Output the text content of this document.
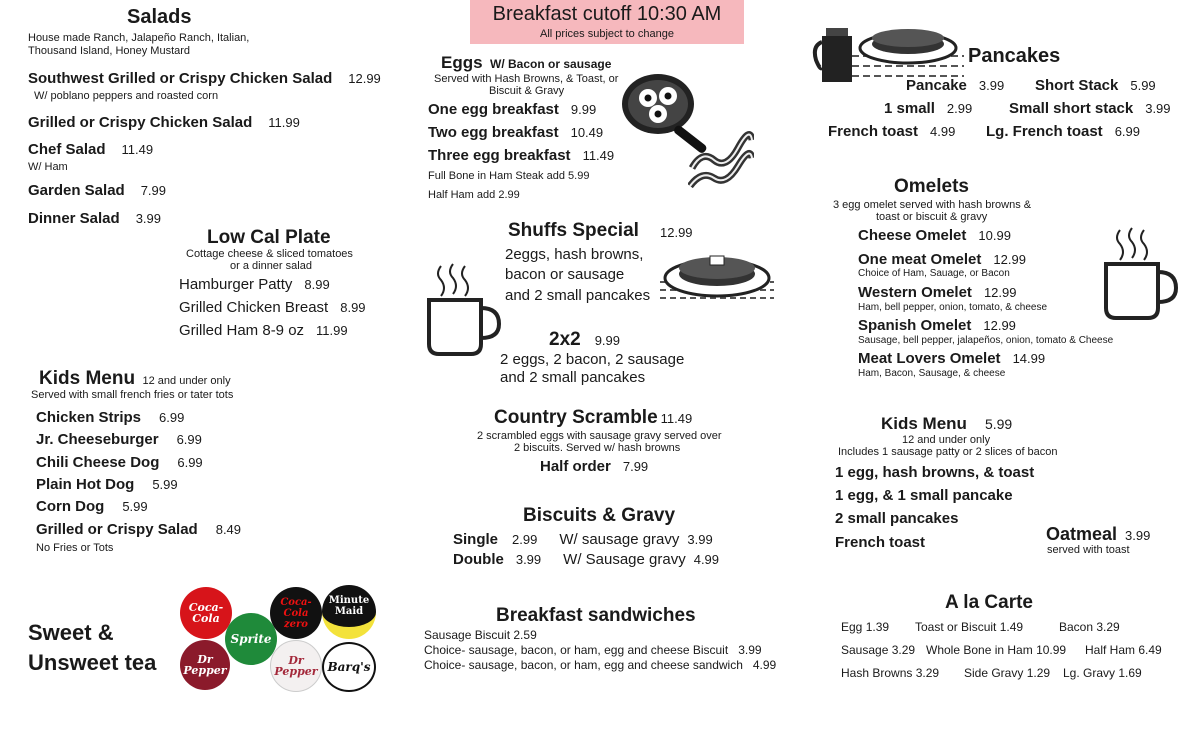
Salads
House made Ranch, Jalapeño Ranch, Italian,
Thousand Island, Honey Mustard
Southwest Grilled or Crispy Chicken Salad 12.99
W/ poblano peppers and roasted corn
Grilled or Crispy Chicken Salad 11.99
Chef Salad 11.49
W/ Ham
Garden Salad 7.99
Dinner Salad 3.99
Low Cal Plate
Cottage cheese & sliced tomatoes
or a dinner salad
Hamburger Patty 8.99
Grilled Chicken Breast 8.99
Grilled Ham 8-9 oz 11.99
Kids Menu 12 and under only
Served with small french fries or tater tots
Chicken Strips 6.99
Jr. Cheeseburger 6.99
Chili Cheese Dog 6.99
Plain Hot Dog 5.99
Corn Dog 5.99
Grilled or Crispy Salad 8.49
No Fries or Tots
Sweet &
Unsweet tea
Coca-Cola
Coca-Cola zero
Minute Maid
Sprite
Dr Pepper
Dr Pepper Barq's
Breakfast cutoff 10:30 AM
All prices subject to change
Eggs W/ Bacon or sausage
Served with Hash Browns, & Toast, or
Biscuit & Gravy
One egg breakfast 9.99
Two egg breakfast 10.49
Three egg breakfast 11.49
Full Bone in Ham Steak add 5.99
Half Ham add 2.99
Shuffs Special 12.99
2eggs, hash browns,
bacon or sausage
and 2 small pancakes
2x2 9.99
2 eggs, 2 bacon, 2 sausage
and 2 small pancakes
Country Scramble 11.49
2 scrambled eggs with sausage gravy served over
2 biscuits. Served w/ hash browns
Half order 7.99
Biscuits & Gravy
Single 2.99 W/ sausage gravy 3.99
Double 3.99 W/ Sausage gravy 4.99
Breakfast sandwiches
Sausage Biscuit 2.59
Choice- sausage, bacon, or ham, egg and cheese Biscuit 3.99
Choice- sausage, bacon, or ham, egg and cheese sandwich 4.99
Pancakes
Pancake 3.99 Short Stack 5.99
1 small 2.99 Small short stack 3.99
French toast 4.99 Lg. French toast 6.99
Omelets
3 egg omelet served with hash browns &
toast or biscuit & gravy
Cheese Omelet 10.99
One meat Omelet 12.99
Choice of Ham, Sauage, or Bacon
Western Omelet 12.99
Ham, bell pepper, onion, tomato, & cheese
Spanish Omelet 12.99
Sausage, bell pepper, jalapeños, onion, tomato & Cheese
Meat Lovers Omelet 14.99
Ham, Bacon, Sausage, & cheese
Kids Menu 5.99
12 and under only
Includes 1 sausage patty or 2 slices of bacon
1 egg, hash browns, & toast
1 egg, & 1 small pancake
2 small pancakes
French toast	Oatmeal 3.99
served with toast
A la Carte
Egg 1.39 Toast or Biscuit 1.49	Bacon 3.29
Sausage 3.29 Whole Bone in Ham 10.99 Half Ham 6.49
Hash Browns 3.29 Side Gravy 1.29 Lg. Gravy 1.69
